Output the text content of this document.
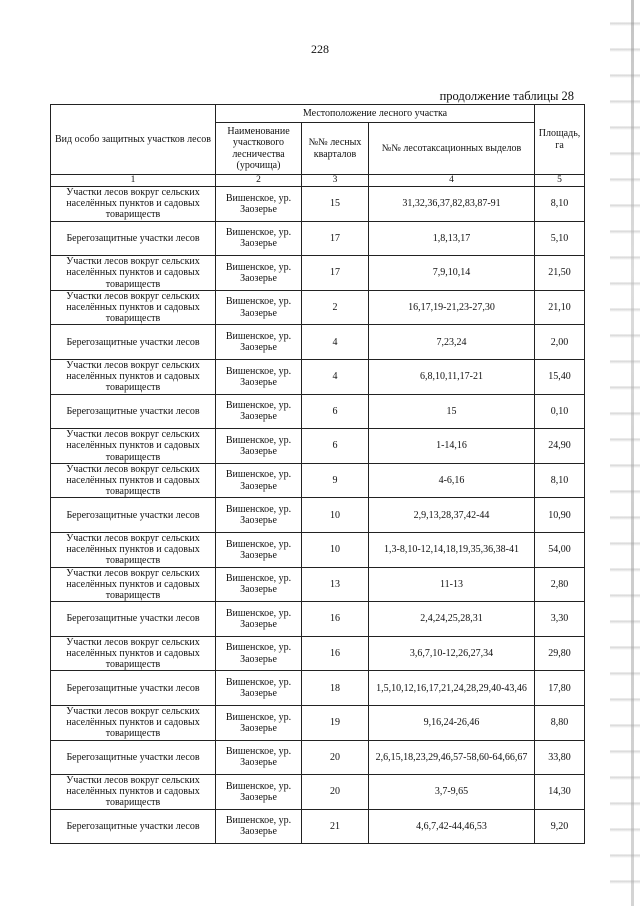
228
продолжение таблицы 28
Вид особо защитных участков лесов	Местоположение лесного участка			Площадь, га
	Наименование участкового лесничества (урочища)	№№ лесных кварталов	№№ лесотаксационных выделов	
1	2	3	4	5
Участки лесов вокруг сельских населённых пунктов и садовых товариществ	Вишенское, ур. Заозерье	15	31,32,36,37,82,83,87-91	8,10
Берегозащитные участки лесов	Вишенское, ур. Заозерье	17	1,8,13,17	5,10
Участки лесов вокруг сельских населённых пунктов и садовых товариществ	Вишенское, ур. Заозерье	17	7,9,10,14	21,50
Участки лесов вокруг сельских населённых пунктов и садовых товариществ	Вишенское, ур. Заозерье	2	16,17,19-21,23-27,30	21,10
Берегозащитные участки лесов	Вишенское, ур. Заозерье	4	7,23,24	2,00
Участки лесов вокруг сельских населённых пунктов и садовых товариществ	Вишенское, ур. Заозерье	4	6,8,10,11,17-21	15,40
Берегозащитные участки лесов	Вишенское, ур. Заозерье	6	15	0,10
Участки лесов вокруг сельских населённых пунктов и садовых товариществ	Вишенское, ур. Заозерье	6	1-14,16	24,90
Участки лесов вокруг сельских населённых пунктов и садовых товариществ	Вишенское, ур. Заозерье	9	4-6,16	8,10
Берегозащитные участки лесов	Вишенское, ур. Заозерье	10	2,9,13,28,37,42-44	10,90
Участки лесов вокруг сельских населённых пунктов и садовых товариществ	Вишенское, ур. Заозерье	10	1,3-8,10-12,14,18,19,35,36,38-41	54,00
Участки лесов вокруг сельских населённых пунктов и садовых товариществ	Вишенское, ур. Заозерье	13	11-13	2,80
Берегозащитные участки лесов	Вишенское, ур. Заозерье	16	2,4,24,25,28,31	3,30
Участки лесов вокруг сельских населённых пунктов и садовых товариществ	Вишенское, ур. Заозерье	16	3,6,7,10-12,26,27,34	29,80
Берегозащитные участки лесов	Вишенское, ур. Заозерье	18	1,5,10,12,16,17,21,24,28,29,40-43,46	17,80
Участки лесов вокруг сельских населённых пунктов и садовых товариществ	Вишенское, ур. Заозерье	19	9,16,24-26,46	8,80
Берегозащитные участки лесов	Вишенское, ур. Заозерье	20	2,6,15,18,23,29,46,57-58,60-64,66,67	33,80
Участки лесов вокруг сельских населённых пунктов и садовых товариществ	Вишенское, ур. Заозерье	20	3,7-9,65	14,30
Берегозащитные участки лесов	Вишенское, ур. Заозерье	21	4,6,7,42-44,46,53	9,20
